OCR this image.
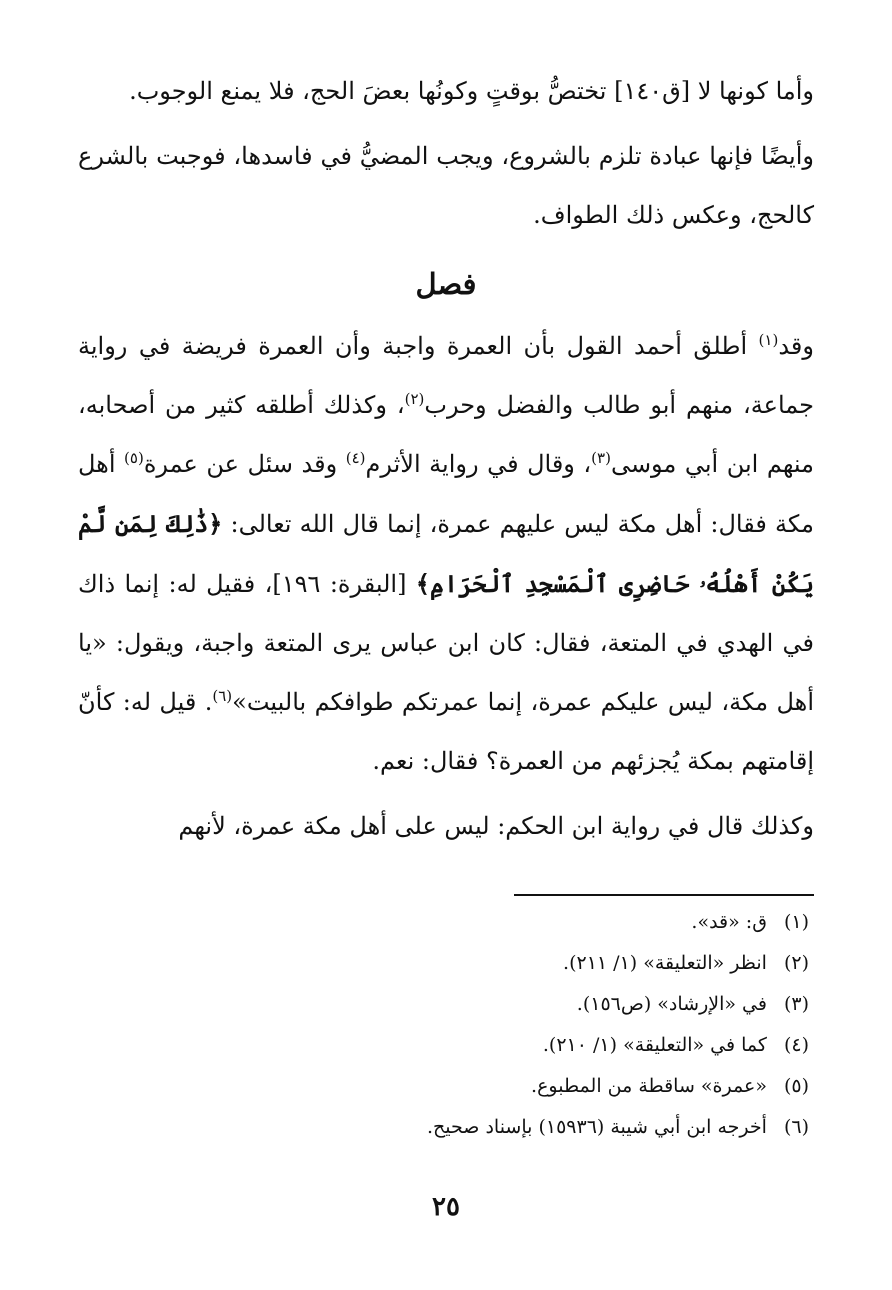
وأما كونها لا [ق١٤٠] تختصُّ بوقتٍ وكونُها بعضَ الحج، فلا يمنع الوجوب.

وأيضًا فإنها عبادة تلزم بالشروع، ويجب المضيُّ في فاسدها، فوجبت بالشرع كالحج، وعكس ذلك الطواف.

فصل

وقد$^{(١)}$ أطلق أحمد القول بأن العمرة واجبة وأن العمرة فريضة في رواية جماعة، منهم أبو طالب والفضل وحرب$^{(٢)}$، وكذلك أطلقه كثير من أصحابه، منهم ابن أبي موسى$^{(٣)}$، وقال في رواية الأثرم$^{(٤)}$ وقد سئل عن عمرة$^{(٥)}$ أهل مكة فقال: أهل مكة ليس عليهم عمرة، إنما قال الله تعالى: ﴿ذَٰلِكَ لِمَن لَّمْ يَكُنْ أَهْلُهُۥ حَاضِرِى ٱلْمَسْجِدِ ٱلْحَرَامِ﴾ [البقرة: ١٩٦]، فقيل له: إنما ذاك في الهدي في المتعة، فقال: كان ابن عباس يرى المتعة واجبة، ويقول: «يا أهل مكة، ليس عليكم عمرة، إنما عمرتكم طوافكم بالبيت»$^{(٦)}$. قيل له: كأنّ إقامتهم بمكة يُجزئهم من العمرة؟ فقال: نعم.

وكذلك قال في رواية ابن الحكم: ليس على أهل مكة عمرة، لأنهم

(١) ق: «قد».
(٢) انظر «التعليقة» (١/ ٢١١).
(٣) في «الإرشاد» (ص١٥٦).
(٤) كما في «التعليقة» (١/ ٢١٠).
(٥) «عمرة» ساقطة من المطبوع.
(٦) أخرجه ابن أبي شيبة (١٥٩٣٦) بإسناد صحيح.
٢٥
